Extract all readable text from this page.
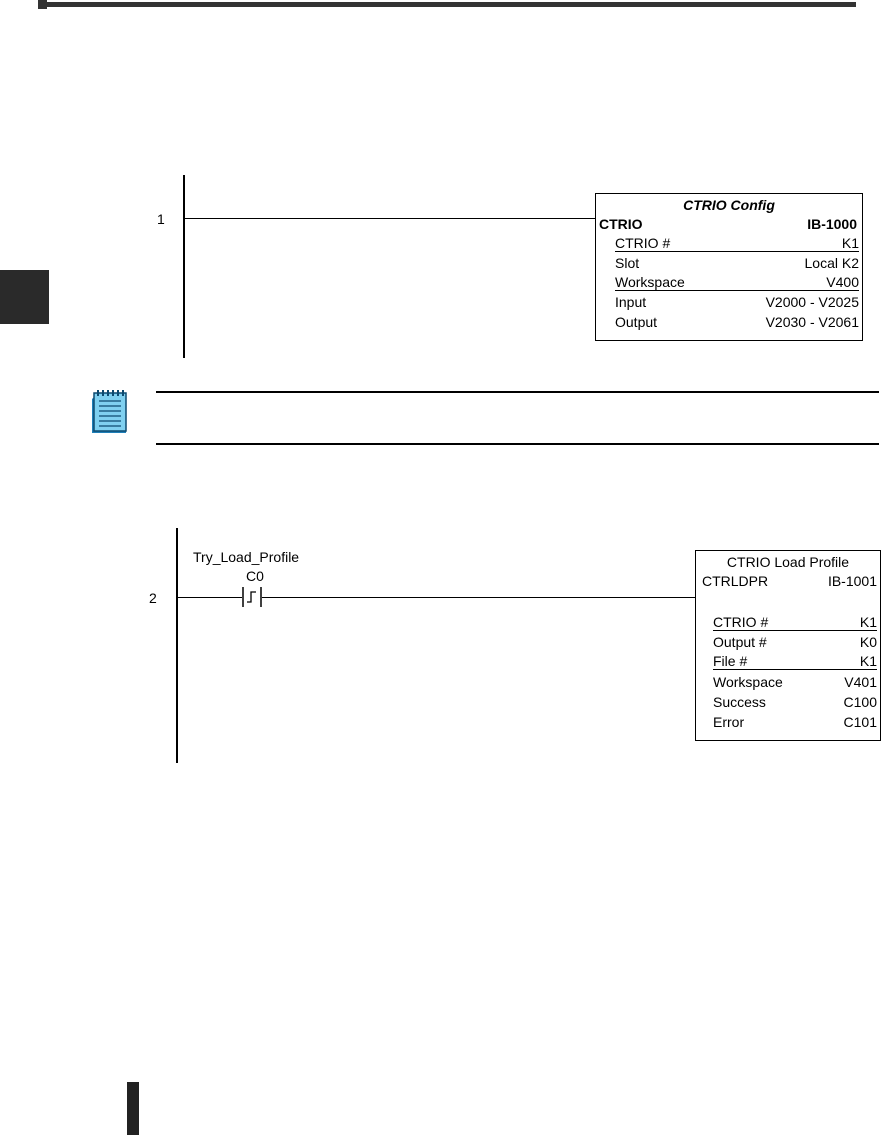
1
CTRIO Config
CTRIO	IB-1000
CTRIO #	K1
Slot	Local K2
Workspace	V400
Input	V2000 - V2025
Output	V2030 - V2061
2
Try_Load_Profile
C0
CTRIO Load Profile
CTRLDPR	IB-1001
CTRIO #	K1
Output #	K0
File #	K1
Workspace	V401
Success	C100
Error	C101
